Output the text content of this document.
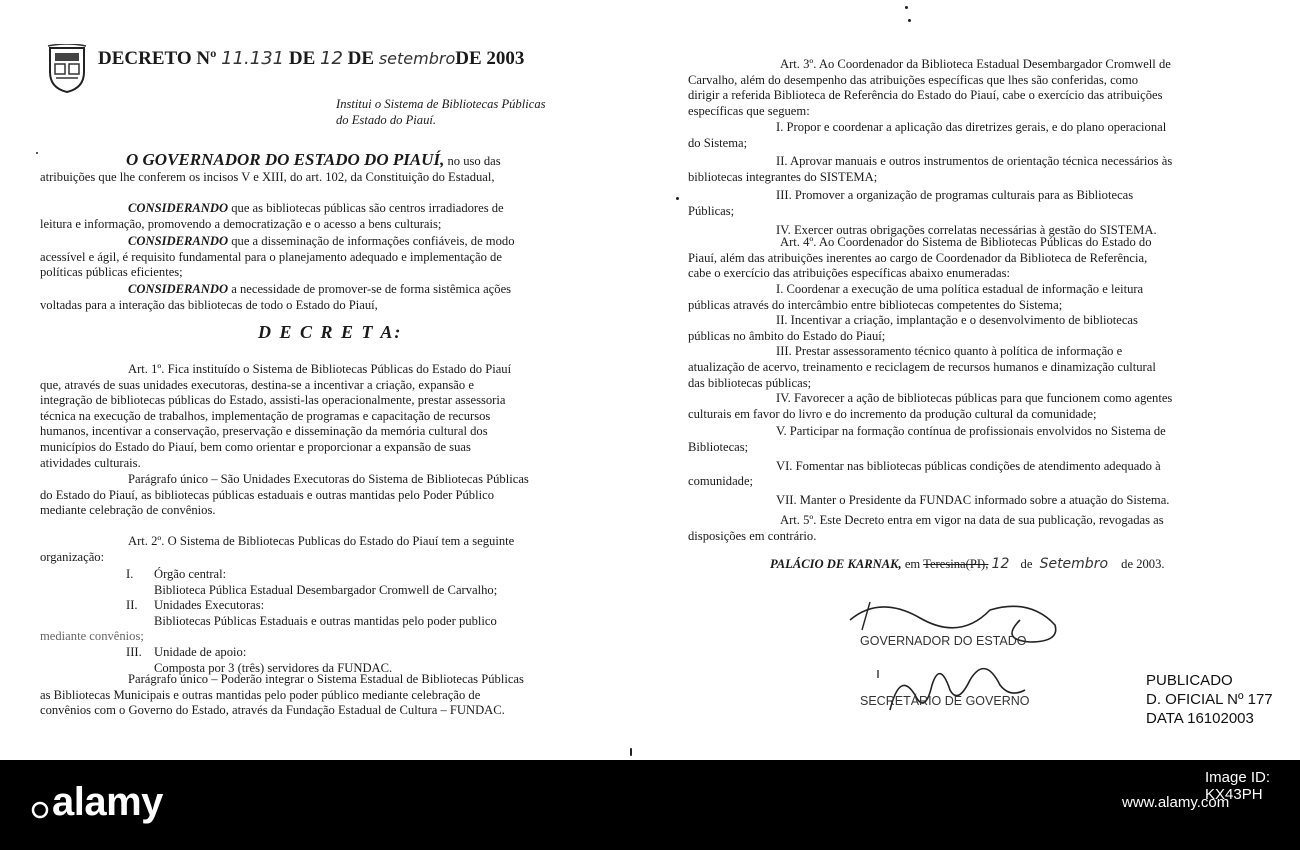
DECRETO Nº 11.131 DE 12 DE setembroDE 2003
Institui o Sistema de Bibliotecas Públicas
do Estado do Piauí.
O GOVERNADOR DO ESTADO DO PIAUÍ, no uso das
atribuições que lhe conferem os incisos V e XIII, do art. 102, da Constituição do Estadual,
CONSIDERANDO que as bibliotecas públicas são centros irradiadores de
leitura e informação, promovendo a democratização e o acesso a bens culturais;
CONSIDERANDO que a disseminação de informações confiáveis, de modo
acessível e ágil, é requisito fundamental para o planejamento adequado e implementação de
políticas públicas eficientes;
CONSIDERANDO a necessidade de promover-se de forma sistêmica ações
voltadas para a interação das bibliotecas de todo o Estado do Piauí,
D E C R E T A:
Art. 1º. Fica instituído o Sistema de Bibliotecas Públicas do Estado do Piauí
que, através de suas unidades executoras, destina-se a incentivar a criação, expansão e
integração de bibliotecas públicas do Estado, assisti-las operacionalmente, prestar assessoria
técnica na execução de trabalhos, implementação de programas e capacitação de recursos
humanos, incentivar a conservação, preservação e disseminação da memória cultural dos
municípios do Estado do Piauí, bem como orientar e proporcionar a expansão de suas
atividades culturais.
Parágrafo único – São Unidades Executoras do Sistema de Bibliotecas Públicas
do Estado do Piauí, as bibliotecas públicas estaduais e outras mantidas pelo Poder Público
mediante celebração de convênios.
Art. 2º. O Sistema de Bibliotecas Publicas do Estado do Piauí tem a seguinte
organização:
I. Órgão central:
Biblioteca Pública Estadual Desembargador Cromwell de Carvalho;
II. Unidades Executoras:
Bibliotecas Públicas Estaduais e outras mantidas pelo poder publico
mediante convênios;
III. Unidade de apoio:
Composta por 3 (três) servidores da FUNDAC.
Parágrafo único – Poderão integrar o Sistema Estadual de Bibliotecas Públicas
as Bibliotecas Municipais e outras mantidas pelo poder público mediante celebração de
convênios com o Governo do Estado, através da Fundação Estadual de Cultura – FUNDAC.
Art. 3º. Ao Coordenador da Biblioteca Estadual Desembargador Cromwell de
Carvalho, além do desempenho das atribuições específicas que lhes são conferidas, como
dirigir a referida Biblioteca de Referência do Estado do Piauí, cabe o exercício das atribuições
específicas que seguem:
I. Propor e coordenar a aplicação das diretrizes gerais, e do plano operacional
do Sistema;
II. Aprovar manuais e outros instrumentos de orientação técnica necessários às
bibliotecas integrantes do SISTEMA;
III. Promover a organização de programas culturais para as Bibliotecas
Públicas;
IV. Exercer outras obrigações correlatas necessárias à gestão do SISTEMA.
Art. 4º. Ao Coordenador do Sistema de Bibliotecas Públicas do Estado do
Piauí, além das atribuições inerentes ao cargo de Coordenador da Biblioteca de Referência,
cabe o exercício das atribuições específicas abaixo enumeradas:
I. Coordenar a execução de uma política estadual de informação e leitura
públicas através do intercâmbio entre bibliotecas competentes do Sistema;
II. Incentivar a criação, implantação e o desenvolvimento de bibliotecas
públicas no âmbito do Estado do Piauí;
III. Prestar assessoramento técnico quanto à política de informação e
atualização de acervo, treinamento e reciclagem de recursos humanos e dinamização cultural
das bibliotecas públicas;
IV. Favorecer a ação de bibliotecas públicas para que funcionem como agentes
culturais em favor do livro e do incremento da produção cultural da comunidade;
V. Participar na formação contínua de profissionais envolvidos no Sistema de
Bibliotecas;
VI. Fomentar nas bibliotecas públicas condições de atendimento adequado à
comunidade;
VII. Manter o Presidente da FUNDAC informado sobre a atuação do Sistema.
Art. 5º. Este Decreto entra em vigor na data de sua publicação, revogadas as
disposições em contrário.
PALÁCIO DE KARNAK, em Teresina(PI), 12 de Setembro de 2003.
GOVERNADOR DO ESTADO
SECRETÁRIO DE GOVERNO
PUBLICADO
D. OFICIAL Nº 177
DATA 16102003
alamy
Image ID: KX43PH
www.alamy.com
